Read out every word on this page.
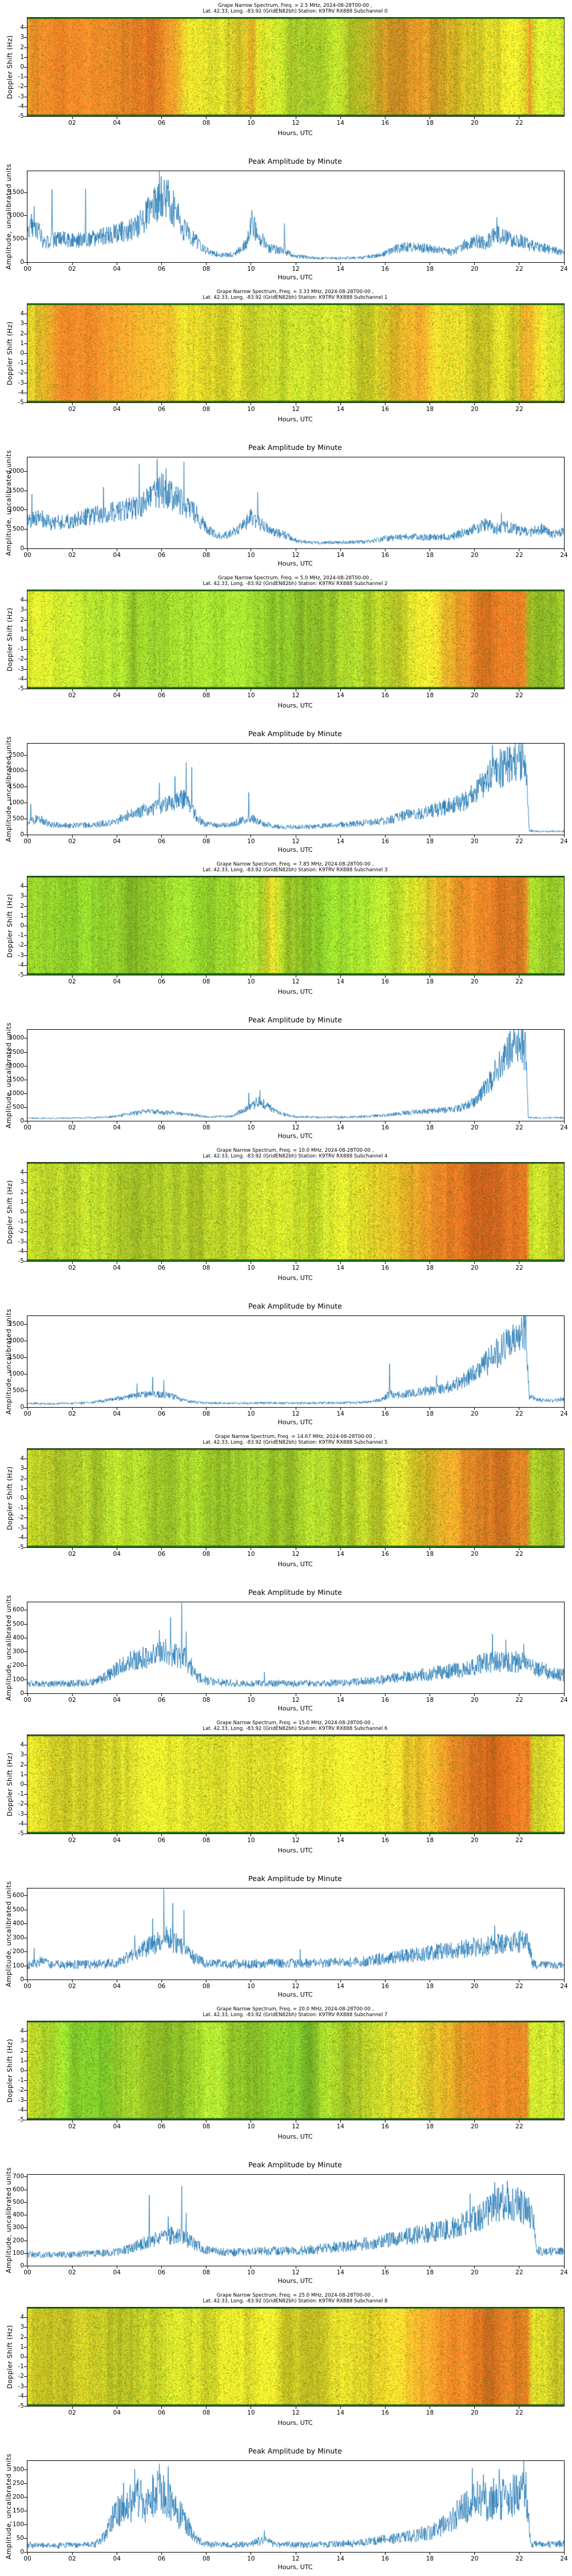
Grape Narrow Spectrum, Freq. = 2.5 MHz, 2024-08-28T00-00 ,
Lat. 42.33, Long. -83.92 (GridEN82bh) Station: K9TRV RX888 Subchannel 0
Doppler Shift (Hz)
Hours, UTC
Peak Amplitude by Minute
Amplitude, uncalibrated units
Hours, UTC
02	04	06	08	10	12	14	16	18	20	22
4
3
2
1
0
-1
-2
-3
-4
-5
00	02	04	06	08	10	12	14	16	18	20	22	24
0
500
1000
1500
Grape Narrow Spectrum, Freq. = 3.33 MHz, 2024-08-28T00-00 ,
Lat. 42.33, Long. -83.92 (GridEN82bh) Station: K9TRV RX888 Subchannel 1
Doppler Shift (Hz)
Hours, UTC
Peak Amplitude by Minute
Amplitude, uncalibrated units
Hours, UTC
02	04	06	08	10	12	14	16	18	20	22
4
3
2
1
0
-1
-2
-3
-4
-5
00	02	04	06	08	10	12	14	16	18	20	22	24
0
500
1000
1500
2000
Grape Narrow Spectrum, Freq. = 5.0 MHz, 2024-08-28T00-00 ,
Lat. 42.33, Long. -83.92 (GridEN82bh) Station: K9TRV RX888 Subchannel 2
Doppler Shift (Hz)
Hours, UTC
Peak Amplitude by Minute
Amplitude, uncalibrated units
Hours, UTC
02	04	06	08	10	12	14	16	18	20	22
4
3
2
1
0
-1
-2
-3
-4
-5
00	02	04	06	08	10	12	14	16	18	20	22	24
0
500
1000
1500
2000
2500
Grape Narrow Spectrum, Freq. = 7.85 MHz, 2024-08-28T00-00 ,
Lat. 42.33, Long. -83.92 (GridEN82bh) Station: K9TRV RX888 Subchannel 3
Doppler Shift (Hz)
Hours, UTC
Peak Amplitude by Minute
Amplitude, uncalibrated units
Hours, UTC
02	04	06	08	10	12	14	16	18	20	22
4
3
2
1
0
-1
-2
-3
-4
-5
00	02	04	06	08	10	12	14	16	18	20	22	24
0
500
1000
1500
2000
2500
3000
Grape Narrow Spectrum, Freq. = 10.0 MHz, 2024-08-28T00-00 ,
Lat. 42.33, Long. -83.92 (GridEN82bh) Station: K9TRV RX888 Subchannel 4
Doppler Shift (Hz)
Hours, UTC
Peak Amplitude by Minute
Amplitude, uncalibrated units
Hours, UTC
02	04	06	08	10	12	14	16	18	20	22
4
3
2
1
0
-1
-2
-3
-4
-5
00	02	04	06	08	10	12	14	16	18	20	22	24
0
500
1000
1500
2000
2500
Grape Narrow Spectrum, Freq. = 14.67 MHz, 2024-08-28T00-00 ,
Lat. 42.33, Long. -83.92 (GridEN82bh) Station: K9TRV RX888 Subchannel 5
Doppler Shift (Hz)
Hours, UTC
Peak Amplitude by Minute
Amplitude, uncalibrated units
Hours, UTC
02	04	06	08	10	12	14	16	18	20	22
4
3
2
1
0
-1
-2
-3
-4
-5
00	02	04	06	08	10	12	14	16	18	20	22	24
0
100
200
300
400
500
600
Grape Narrow Spectrum, Freq. = 15.0 MHz, 2024-08-28T00-00 ,
Lat. 42.33, Long. -83.92 (GridEN82bh) Station: K9TRV RX888 Subchannel 6
Doppler Shift (Hz)
Hours, UTC
Peak Amplitude by Minute
Amplitude, uncalibrated units
Hours, UTC
02	04	06	08	10	12	14	16	18	20	22
4
3
2
1
0
-1
-2
-3
-4
-5
00	02	04	06	08	10	12	14	16	18	20	22	24
0
100
200
300
400
500
600
Grape Narrow Spectrum, Freq. = 20.0 MHz, 2024-08-28T00-00 ,
Lat. 42.33, Long. -83.92 (GridEN82bh) Station: K9TRV RX888 Subchannel 7
Doppler Shift (Hz)
Hours, UTC
Peak Amplitude by Minute
Amplitude, uncalibrated units
Hours, UTC
02	04	06	08	10	12	14	16	18	20	22
4
3
2
1
0
-1
-2
-3
-4
-5
00	02	04	06	08	10	12	14	16	18	20	22	24
0
100
200
300
400
500
600
700
Grape Narrow Spectrum, Freq. = 25.0 MHz, 2024-08-28T00-00 ,
Lat. 42.33, Long. -83.92 (GridEN82bh) Station: K9TRV RX888 Subchannel 8
Doppler Shift (Hz)
Hours, UTC
Peak Amplitude by Minute
Amplitude, uncalibrated units
Hours, UTC
02	04	06	08	10	12	14	16	18	20	22
4
3
2
1
0
-1
-2
-3
-4
-5
00	02	04	06	08	10	12	14	16	18	20	22	24
0
50
100
150
200
250
300
